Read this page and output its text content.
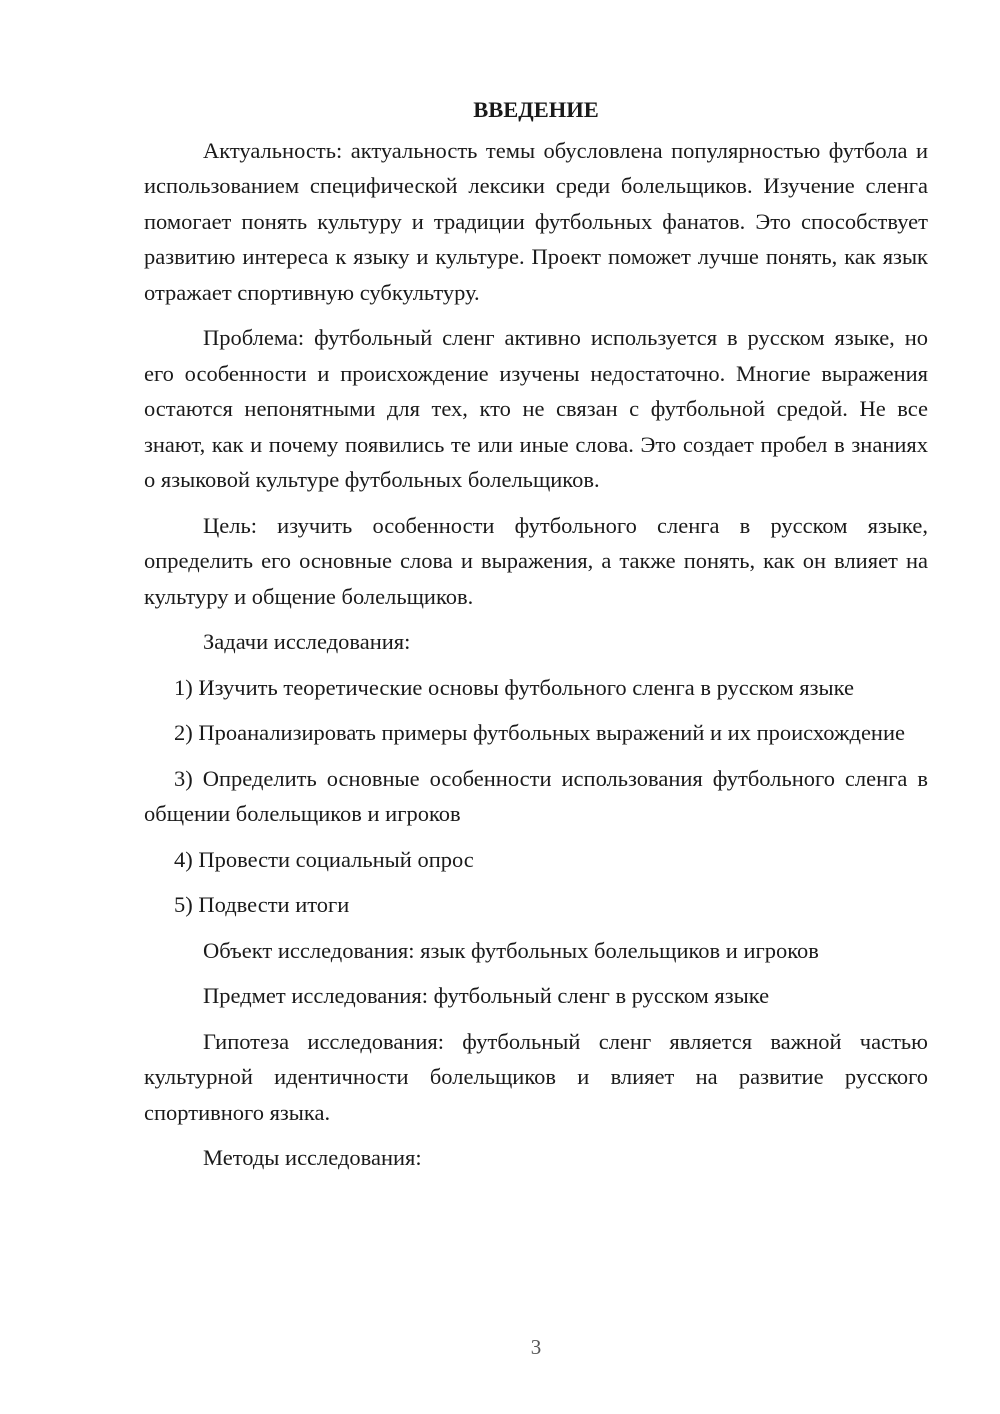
ВВЕДЕНИЕ

Актуальность: актуальность темы обусловлена популярностью футбола и использованием специфической лексики среди болельщиков. Изучение сленга помогает понять культуру и традиции футбольных фанатов. Это способствует развитию интереса к языку и культуре. Проект поможет лучше понять, как язык отражает спортивную субкультуру.

Проблема: футбольный сленг активно используется в русском языке, но его особенности и происхождение изучены недостаточно. Многие выражения остаются непонятными для тех, кто не связан с футбольной средой. Не все знают, как и почему появились те или иные слова. Это создает пробел в знаниях о языковой культуре футбольных болельщиков.

Цель: изучить особенности футбольного сленга в русском языке, определить его основные слова и выражения, а также понять, как он влияет на культуру и общение болельщиков.

Задачи исследования:

1) Изучить теоретические основы футбольного сленга в русском языке

2) Проанализировать примеры футбольных выражений и их происхождение

3) Определить основные особенности использования футбольного сленга в общении болельщиков и игроков

4) Провести социальный опрос

5) Подвести итоги

Объект исследования: язык футбольных болельщиков и игроков

Предмет исследования: футбольный сленг в русском языке

Гипотеза исследования: футбольный сленг является важной частью культурной идентичности болельщиков и влияет на развитие русского спортивного языка.

Методы исследования:

3
